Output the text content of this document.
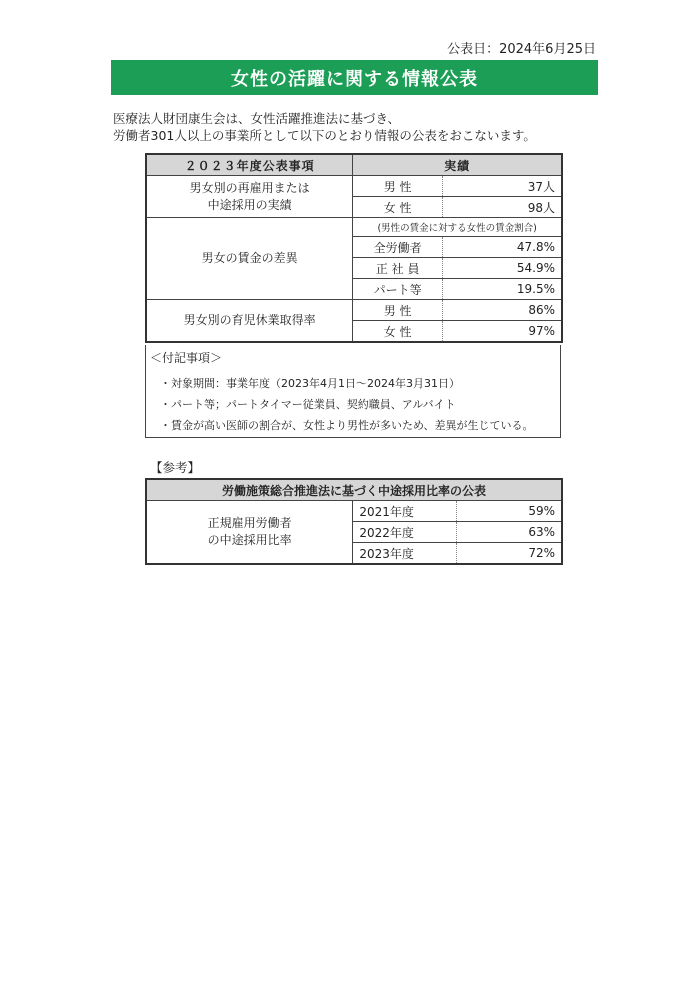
公表日：2024年6月25日
女性の活躍に関する情報公表
医療法人財団康生会は、女性活躍推進法に基づき、
労働者301人以上の事業所として以下のとおり情報の公表をおこないます。
２０２３年度公表事項	実績	

男女別の再雇用または
中途採用の実績	男 性	37人
	女 性	98人
男女の賃金の差異	(男性の賃金に対する女性の賃金割合)	
	全労働者	47.8%
	正 社 員	54.9%
	パート等	19.5%
男女別の育児休業取得率	男 性	86%
	女 性	97%
＜付記事項＞
・対象期間：事業年度（2023年4月1日～2024年3月31日）
・パート等；パートタイマー従業員、契約職員、アルバイト
・賃金が高い医師の割合が、女性より男性が多いため、差異が生じている。
【参考】
労働施策総合推進法に基づく中途採用比率の公表		

正規雇用労働者
の中途採用比率	2021年度	59%
	2022年度	63%
	2023年度	72%
